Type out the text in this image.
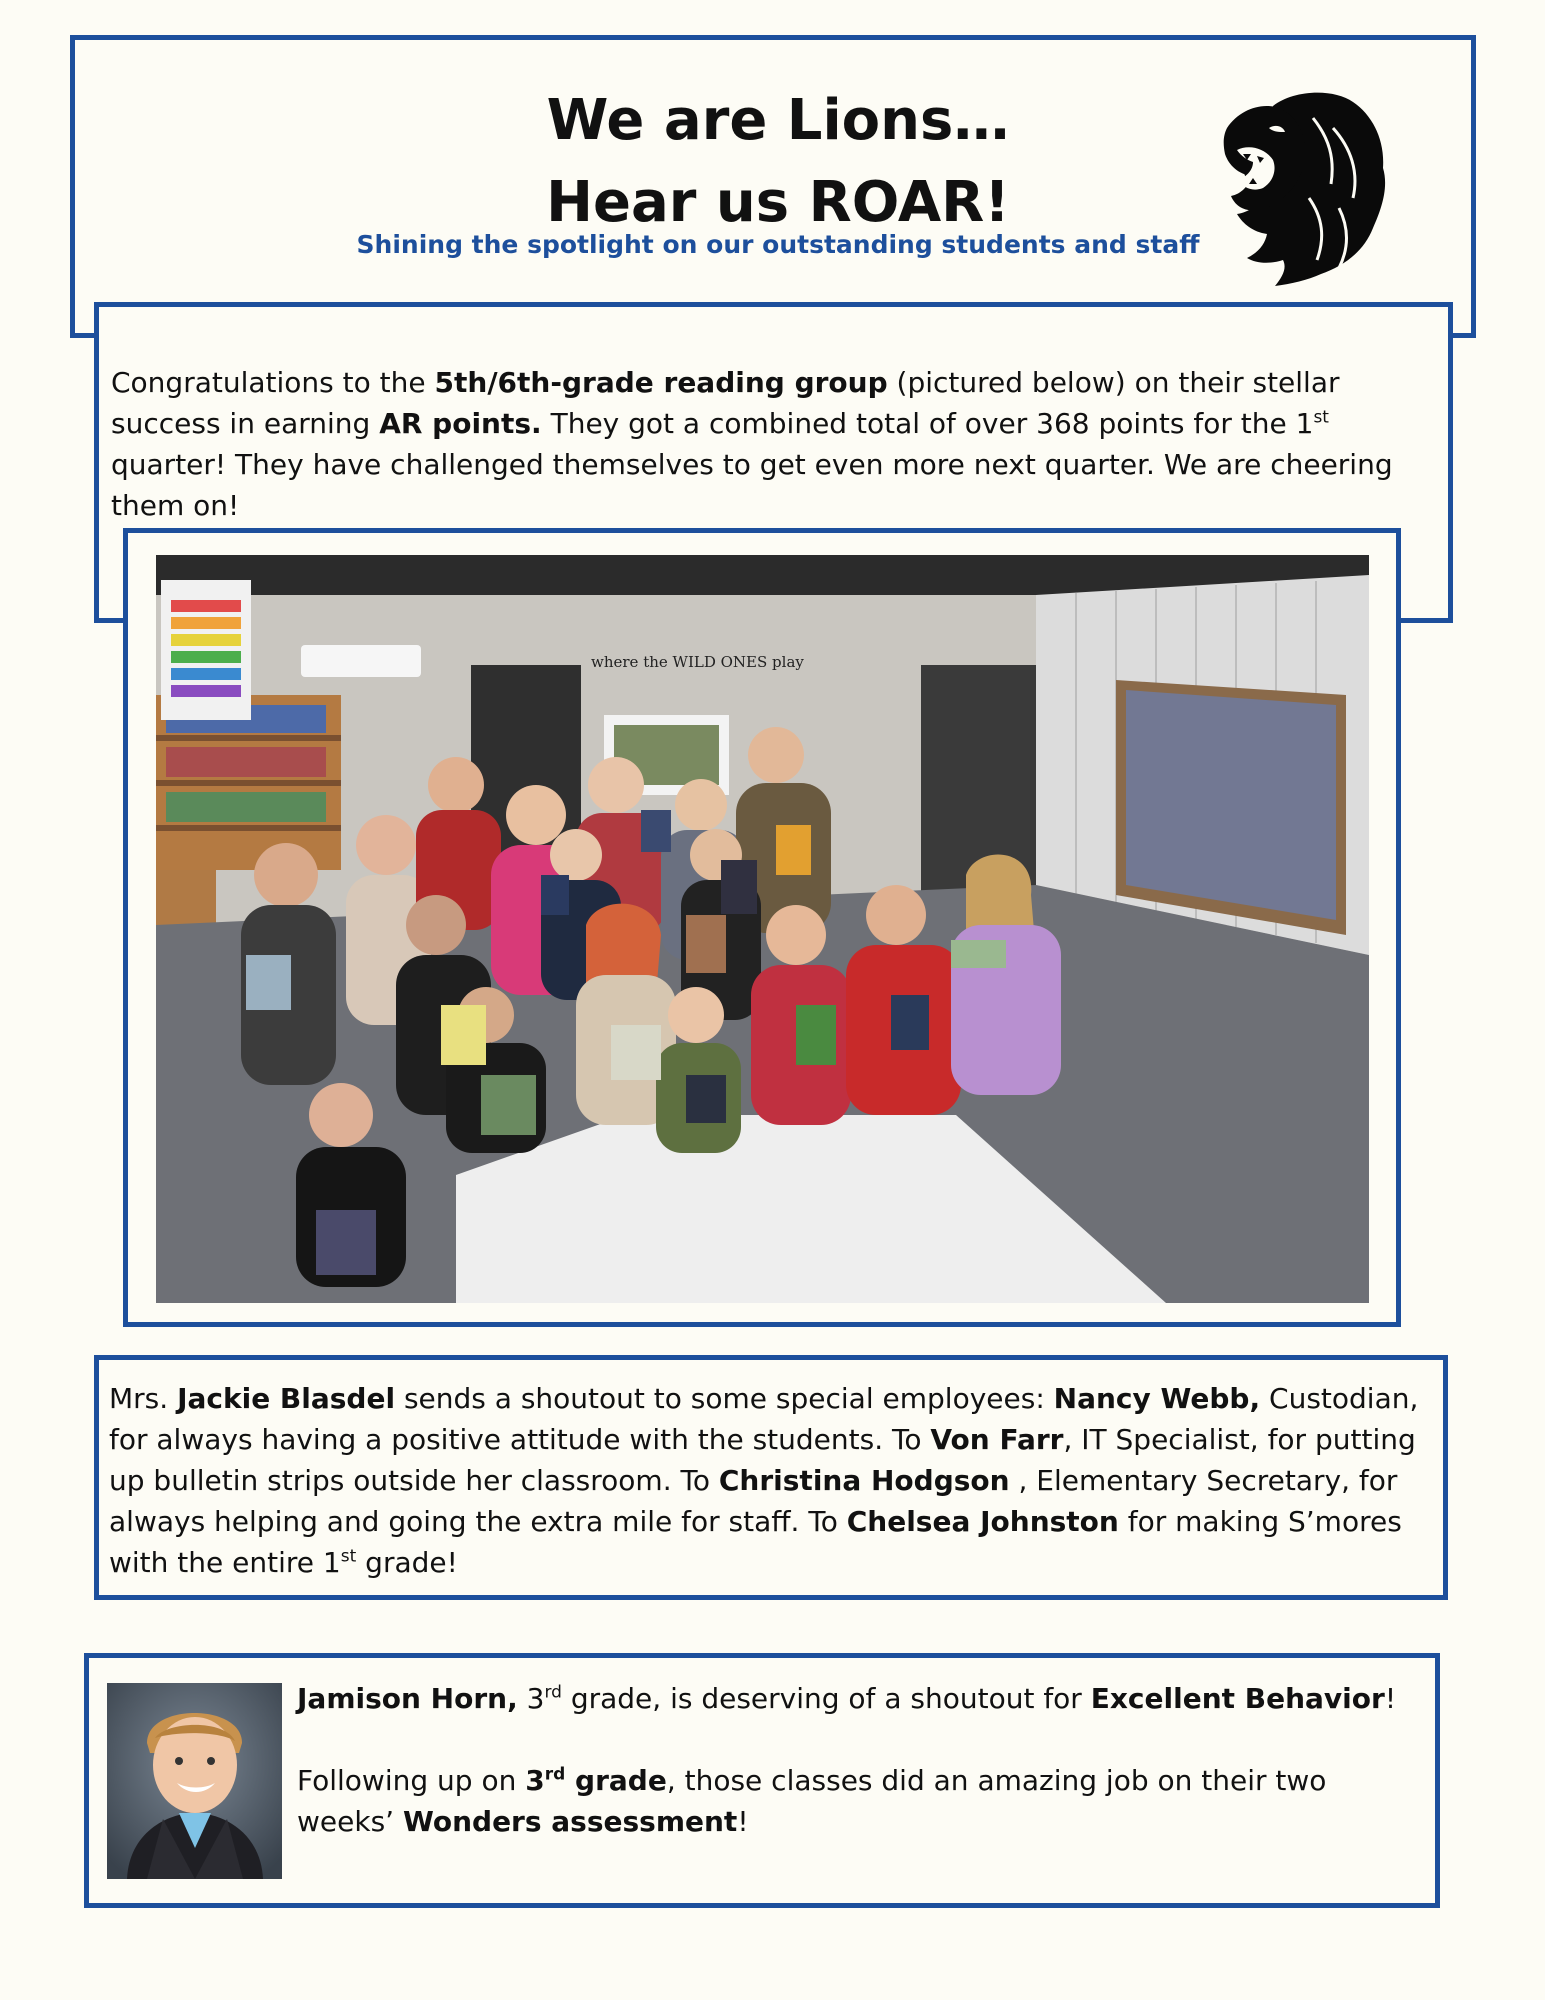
We are Lions…
Hear us ROAR!
Shining the spotlight on our outstanding students and staff
Congratulations to the 5th/6th-grade reading group (pictured below) on their stellar success in earning AR points. They got a combined total of over 368 points for the 1st quarter! They have challenged themselves to get even more next quarter. We are cheering them on!
where the WILD ONES play
Mrs. Jackie Blasdel sends a shoutout to some special employees: Nancy Webb, Custodian, for always having a positive attitude with the students. To Von Farr, IT Specialist, for putting up bulletin strips outside her classroom. To Christina Hodgson , Elementary Secretary, for always helping and going the extra mile for staff. To Chelsea Johnston for making S’mores with the entire 1st grade!
Jamison Horn, 3rd grade, is deserving of a shoutout for Excellent Behavior!
Following up on 3rd grade, those classes did an amazing job on their two weeks’ Wonders assessment!
